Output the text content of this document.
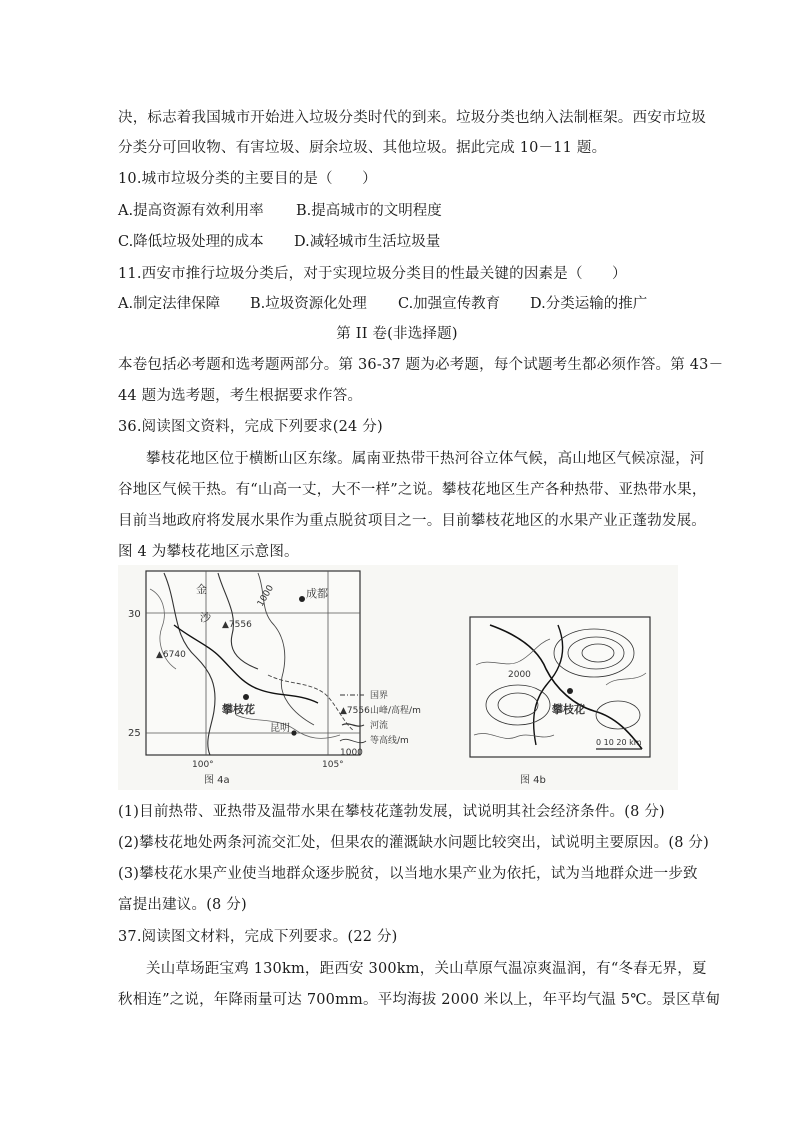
决，标志着我国城市开始进入垃圾分类时代的到来。垃圾分类也纳入法制框架。西安市垃圾
分类分可回收物、有害垃圾、厨余垃圾、其他垃圾。据此完成 10－11 题。
10.城市垃圾分类的主要目的是（　　）
A.提高资源有效利用率 B.提高城市的文明程度
C.降低垃圾处理的成本 D.减轻城市生活垃圾量
11.西安市推行垃圾分类后，对于实现垃圾分类目的性最关键的因素是（　　）
A.制定法律保障 B.垃圾资源化处理 C.加强宣传教育 D.分类运输的推广
第 II 卷(非选择题)
本卷包括必考题和选考题两部分。第 36-37 题为必考题，每个试题考生都必须作答。第 43－
44 题为选考题，考生根据要求作答。
36.阅读图文资料，完成下列要求(24 分)
攀枝花地区位于横断山区东缘。属南亚热带干热河谷立体气候，高山地区气候凉湿，河
谷地区气候干热。有“山高一丈，大不一样”之说。攀枝花地区生产各种热带、亚热带水果，
目前当地政府将发展水果作为重点脱贫项目之一。目前攀枝花地区的水果产业正蓬勃发展。
图 4 为攀枝花地区示意图。
30
25
100°	105°
▲7556
▲6740
1000	成都
攀枝花
昆明
金
沙
图 4a
国界
▲7556 山峰/高程/m
河流
1000
等高线/m
攀枝花
2000
0 10 20 km
图 4b
(1)目前热带、亚热带及温带水果在攀枝花蓬勃发展，试说明其社会经济条件。(8 分)
(2)攀枝花地处两条河流交汇处，但果农的灌溉缺水问题比较突出，试说明主要原因。(8 分)
(3)攀枝花水果产业使当地群众逐步脱贫，以当地水果产业为依托，试为当地群众进一步致
富提出建议。(8 分)
37.阅读图文材料，完成下列要求。(22 分)
关山草场距宝鸡 130km，距西安 300km，关山草原气温凉爽温润，有“冬春无界，夏
秋相连”之说，年降雨量可达 700mm。平均海拔 2000 米以上，年平均气温 5℃。景区草甸
